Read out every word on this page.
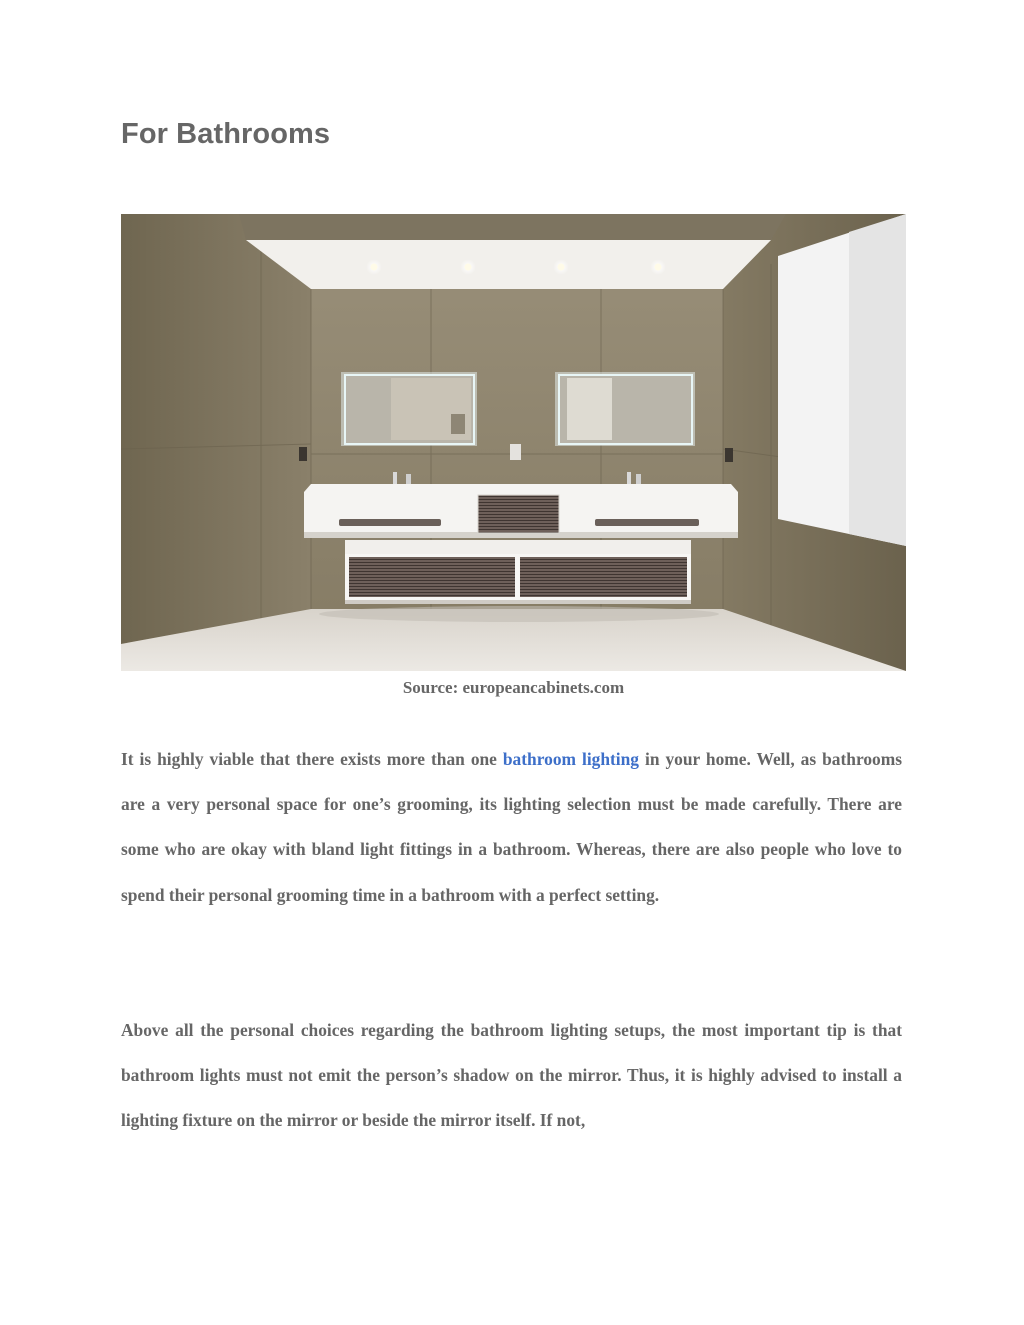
For Bathrooms
Source: europeancabinets.com

It is highly viable that there exists more than one bathroom lighting in your home. Well, as bathrooms are a very personal space for one’s grooming, its lighting selection must be made carefully. There are some who are okay with bland light fittings in a bathroom. Whereas, there are also people who love to spend their personal grooming time in a bathroom with a perfect setting.

Above all the personal choices regarding the bathroom lighting setups, the most important tip is that bathroom lights must not emit the person’s shadow on the mirror. Thus, it is highly advised to install a lighting fixture on the mirror or beside the mirror itself. If not,
